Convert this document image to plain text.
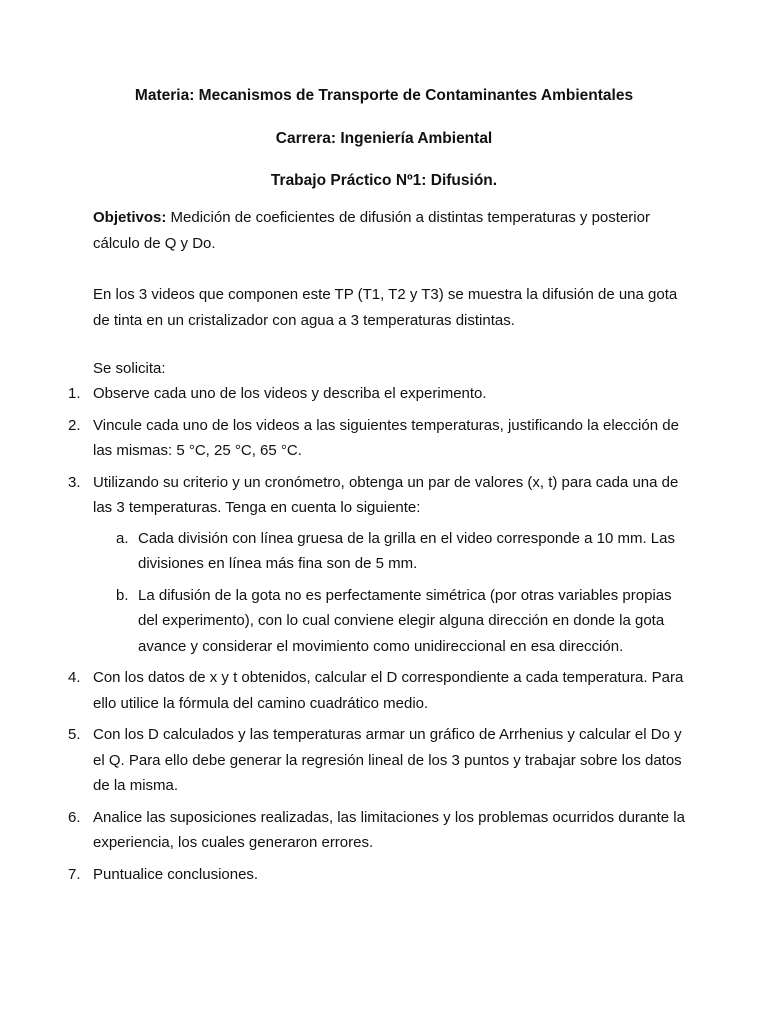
Materia: Mecanismos de Transporte de Contaminantes Ambientales
Carrera: Ingeniería Ambiental
Trabajo Práctico Nº1: Difusión.
Objetivos: Medición de coeficientes de difusión a distintas temperaturas y posterior cálculo de Q y Do.
En los 3 videos que componen este TP (T1, T2 y T3) se muestra la difusión de una gota de tinta en un cristalizador con agua a 3 temperaturas distintas.
Se solicita:
1. Observe cada uno de los videos y describa el experimento.
2. Vincule cada uno de los videos a las siguientes temperaturas, justificando la elección de las mismas: 5 °C, 25 °C, 65 °C.
3. Utilizando su criterio y un cronómetro, obtenga un par de valores (x, t) para cada una de las 3 temperaturas. Tenga en cuenta lo siguiente:
a. Cada división con línea gruesa de la grilla en el video corresponde a 10 mm. Las divisiones en línea más fina son de 5 mm.
b. La difusión de la gota no es perfectamente simétrica (por otras variables propias del experimento), con lo cual conviene elegir alguna dirección en donde la gota avance y considerar el movimiento como unidireccional en esa dirección.
4. Con los datos de x y t obtenidos, calcular el D correspondiente a cada temperatura. Para ello utilice la fórmula del camino cuadrático medio.
5. Con los D calculados y las temperaturas armar un gráfico de Arrhenius y calcular el Do y el Q. Para ello debe generar la regresión lineal de los 3 puntos y trabajar sobre los datos de la misma.
6. Analice las suposiciones realizadas, las limitaciones y los problemas ocurridos durante la experiencia, los cuales generaron errores.
7. Puntualice conclusiones.
